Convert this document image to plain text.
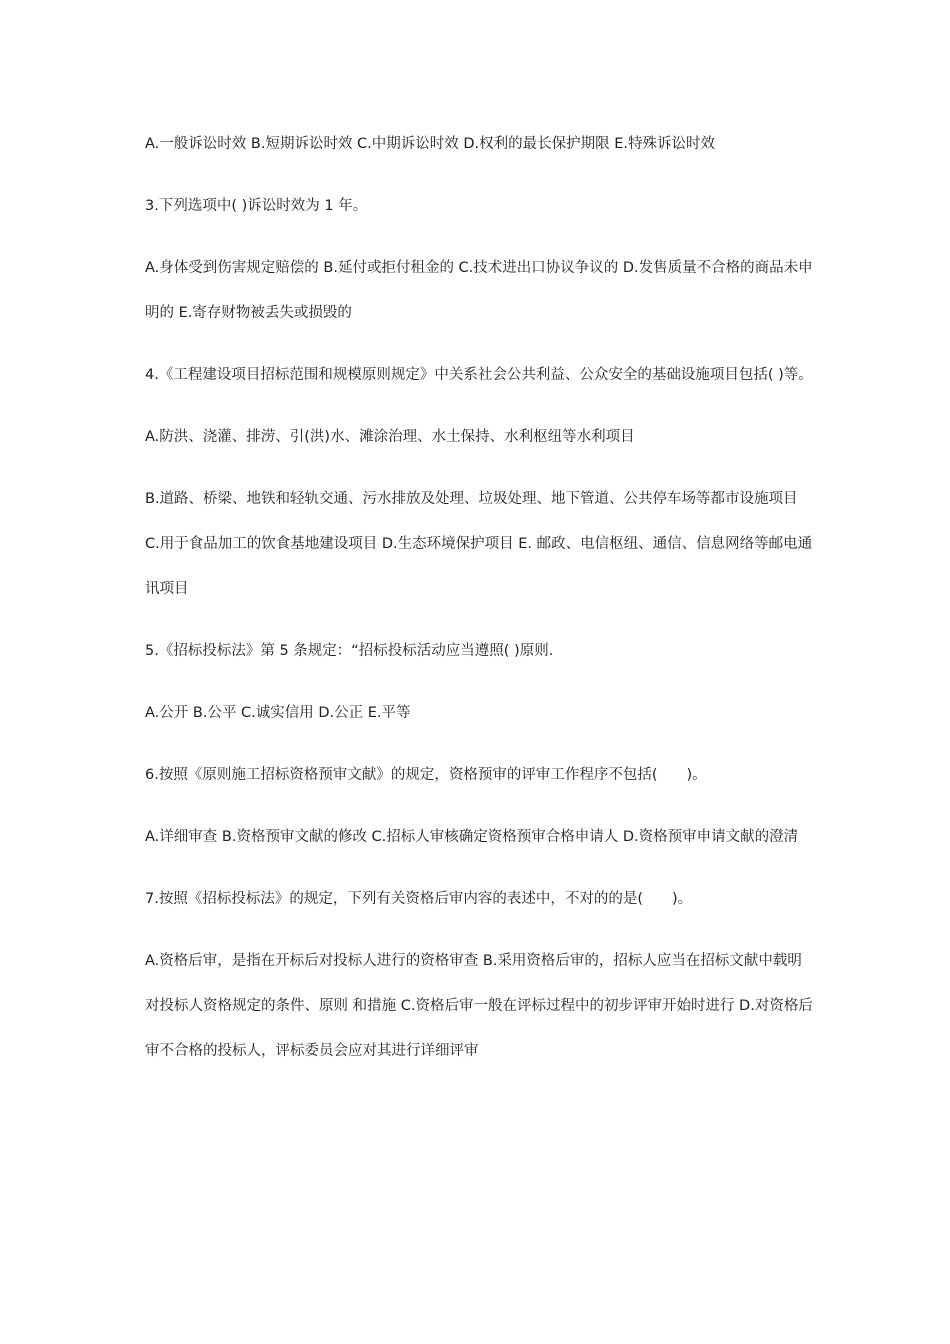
A.一般诉讼时效 B.短期诉讼时效 C.中期诉讼时效 D.权利的最长保护期限 E.特殊诉讼时效

3.下列选项中( )诉讼时效为 1 年。

A.身体受到伤害规定赔偿的 B.延付或拒付租金的 C.技术进出口协议争议的 D.发售质量不合格的商品未申明的 E.寄存财物被丢失或损毁的

4.《工程建设项目招标范围和规模原则规定》中关系社会公共利益、公众安全的基础设施项目包括( )等。

A.防洪、浇灌、排涝、引(洪)水、滩涂治理、水土保持、水利枢纽等水利项目

B.道路、桥梁、地铁和轻轨交通、污水排放及处理、垃圾处理、地下管道、公共停车场等都市设施项目 C.用于食品加工的饮食基地建设项目 D.生态环境保护项目 E. 邮政、电信枢纽、通信、信息网络等邮电通讯项目

5.《招标投标法》第 5 条规定：“招标投标活动应当遵照( )原则.

A.公开 B.公平 C.诚实信用 D.公正 E.平等

6.按照《原则施工招标资格预审文献》的规定，资格预审的评审工作程序不包括(　　)。

A.详细审查 B.资格预审文献的修改 C.招标人审核确定资格预审合格申请人 D.资格预审申请文献的澄清

7.按照《招标投标法》的规定，下列有关资格后审内容的表述中，不对的的是(　　)。

A.资格后审，是指在开标后对投标人进行的资格审查 B.采用资格后审的，招标人应当在招标文献中载明对投标人资格规定的条件、原则 和措施 C.资格后审一般在评标过程中的初步评审开始时进行 D.对资格后审不合格的投标人，评标委员会应对其进行详细评审
